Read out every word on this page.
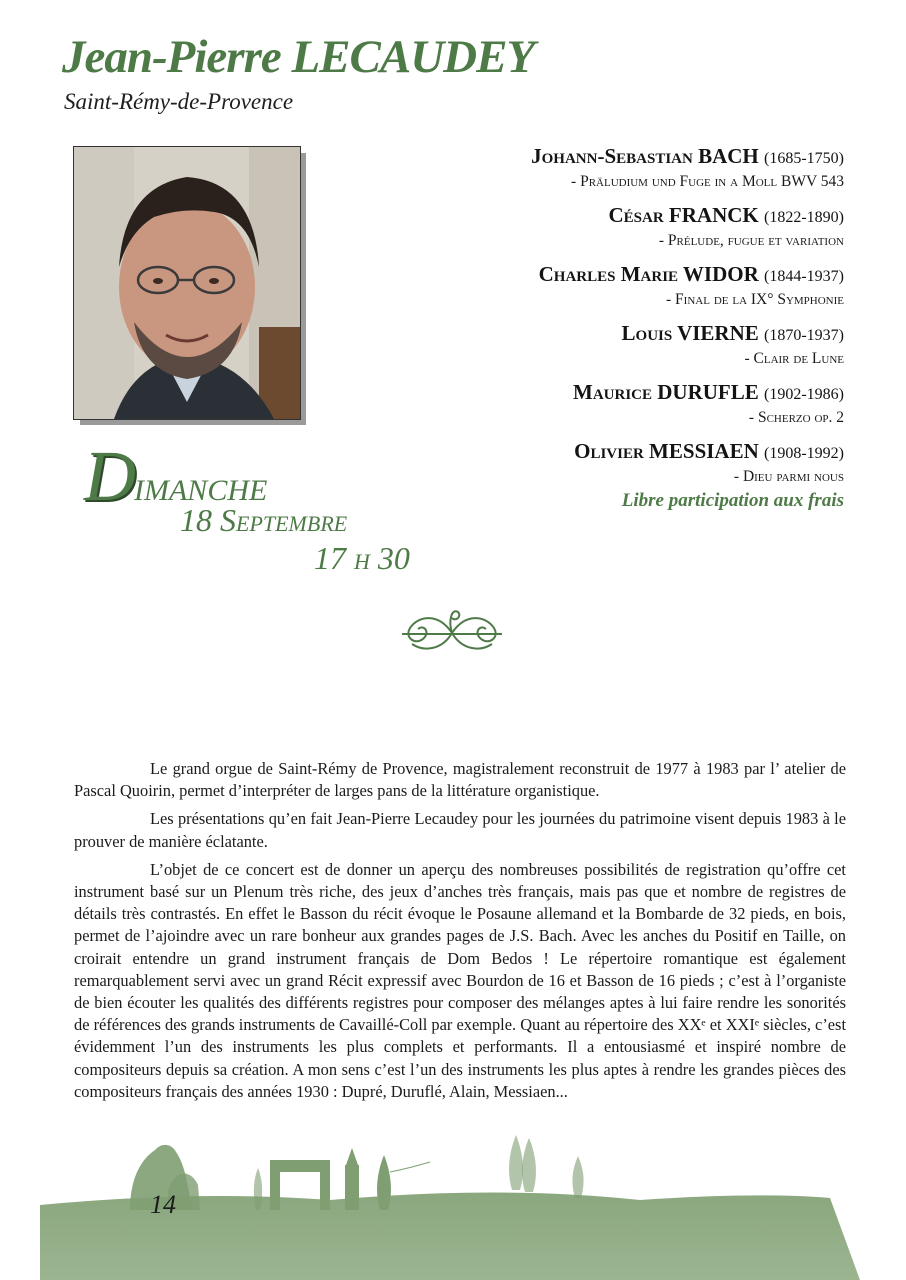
Jean-Pierre LECAUDEY
Saint-Rémy-de-Provence
Johann-Sebastian BACH (1685-1750)
- Präludium und Fuge in a Moll BWV 543
César FRANCK (1822-1890)
- Prélude, fugue et variation
Charles Marie WIDOR (1844-1937)
- Final de la IX° Symphonie
Louis VIERNE (1870-1937)
- Clair de Lune
Maurice DURUFLE (1902-1986)
- Scherzo op. 2
Olivier MESSIAEN (1908-1992)
- Dieu parmi nous
Libre participation aux frais
DIMANCHE
18 Septembre
17 h 30

Le grand orgue de Saint-Rémy de Provence, magistralement reconstruit de 1977 à 1983 par l’ atelier de Pascal Quoirin, permet d’interpréter de larges pans de la littérature organistique.

Les présentations qu’en fait Jean-Pierre Lecaudey pour les journées du patrimoine visent depuis 1983 à le prouver de manière éclatante.

L’objet de ce concert est de donner un aperçu des nombreuses possibilités de registration qu’offre cet instrument basé sur un Plenum très riche, des jeux d’anches très français, mais pas que et nombre de registres de détails très contrastés. En effet le Basson du récit évoque le Posaune allemand et la Bombarde de 32 pieds, en bois, permet de l’ajoindre avec un rare bonheur aux grandes pages de J.S. Bach. Avec les anches du Positif en Taille, on croirait entendre un grand instrument français de Dom Bedos ! Le répertoire romantique est également remarquablement servi avec un grand Récit expressif avec Bourdon de 16 et Basson de 16 pieds ; c’est à l’organiste de bien écouter les qualités des différents registres pour composer des mélanges aptes à lui faire rendre les sonorités de références des grands instruments de Cavaillé-Coll par exemple. Quant au répertoire des XXᵉ et XXIᵉ siècles, c’est évidemment l’un des instruments les plus complets et performants. Il a entousiasmé et inspiré nombre de compositeurs depuis sa création. A mon sens c’est l’un des instruments les plus aptes à rendre les grandes pièces des compositeurs français des années 1930 : Dupré, Duruflé, Alain, Messiaen...

14
